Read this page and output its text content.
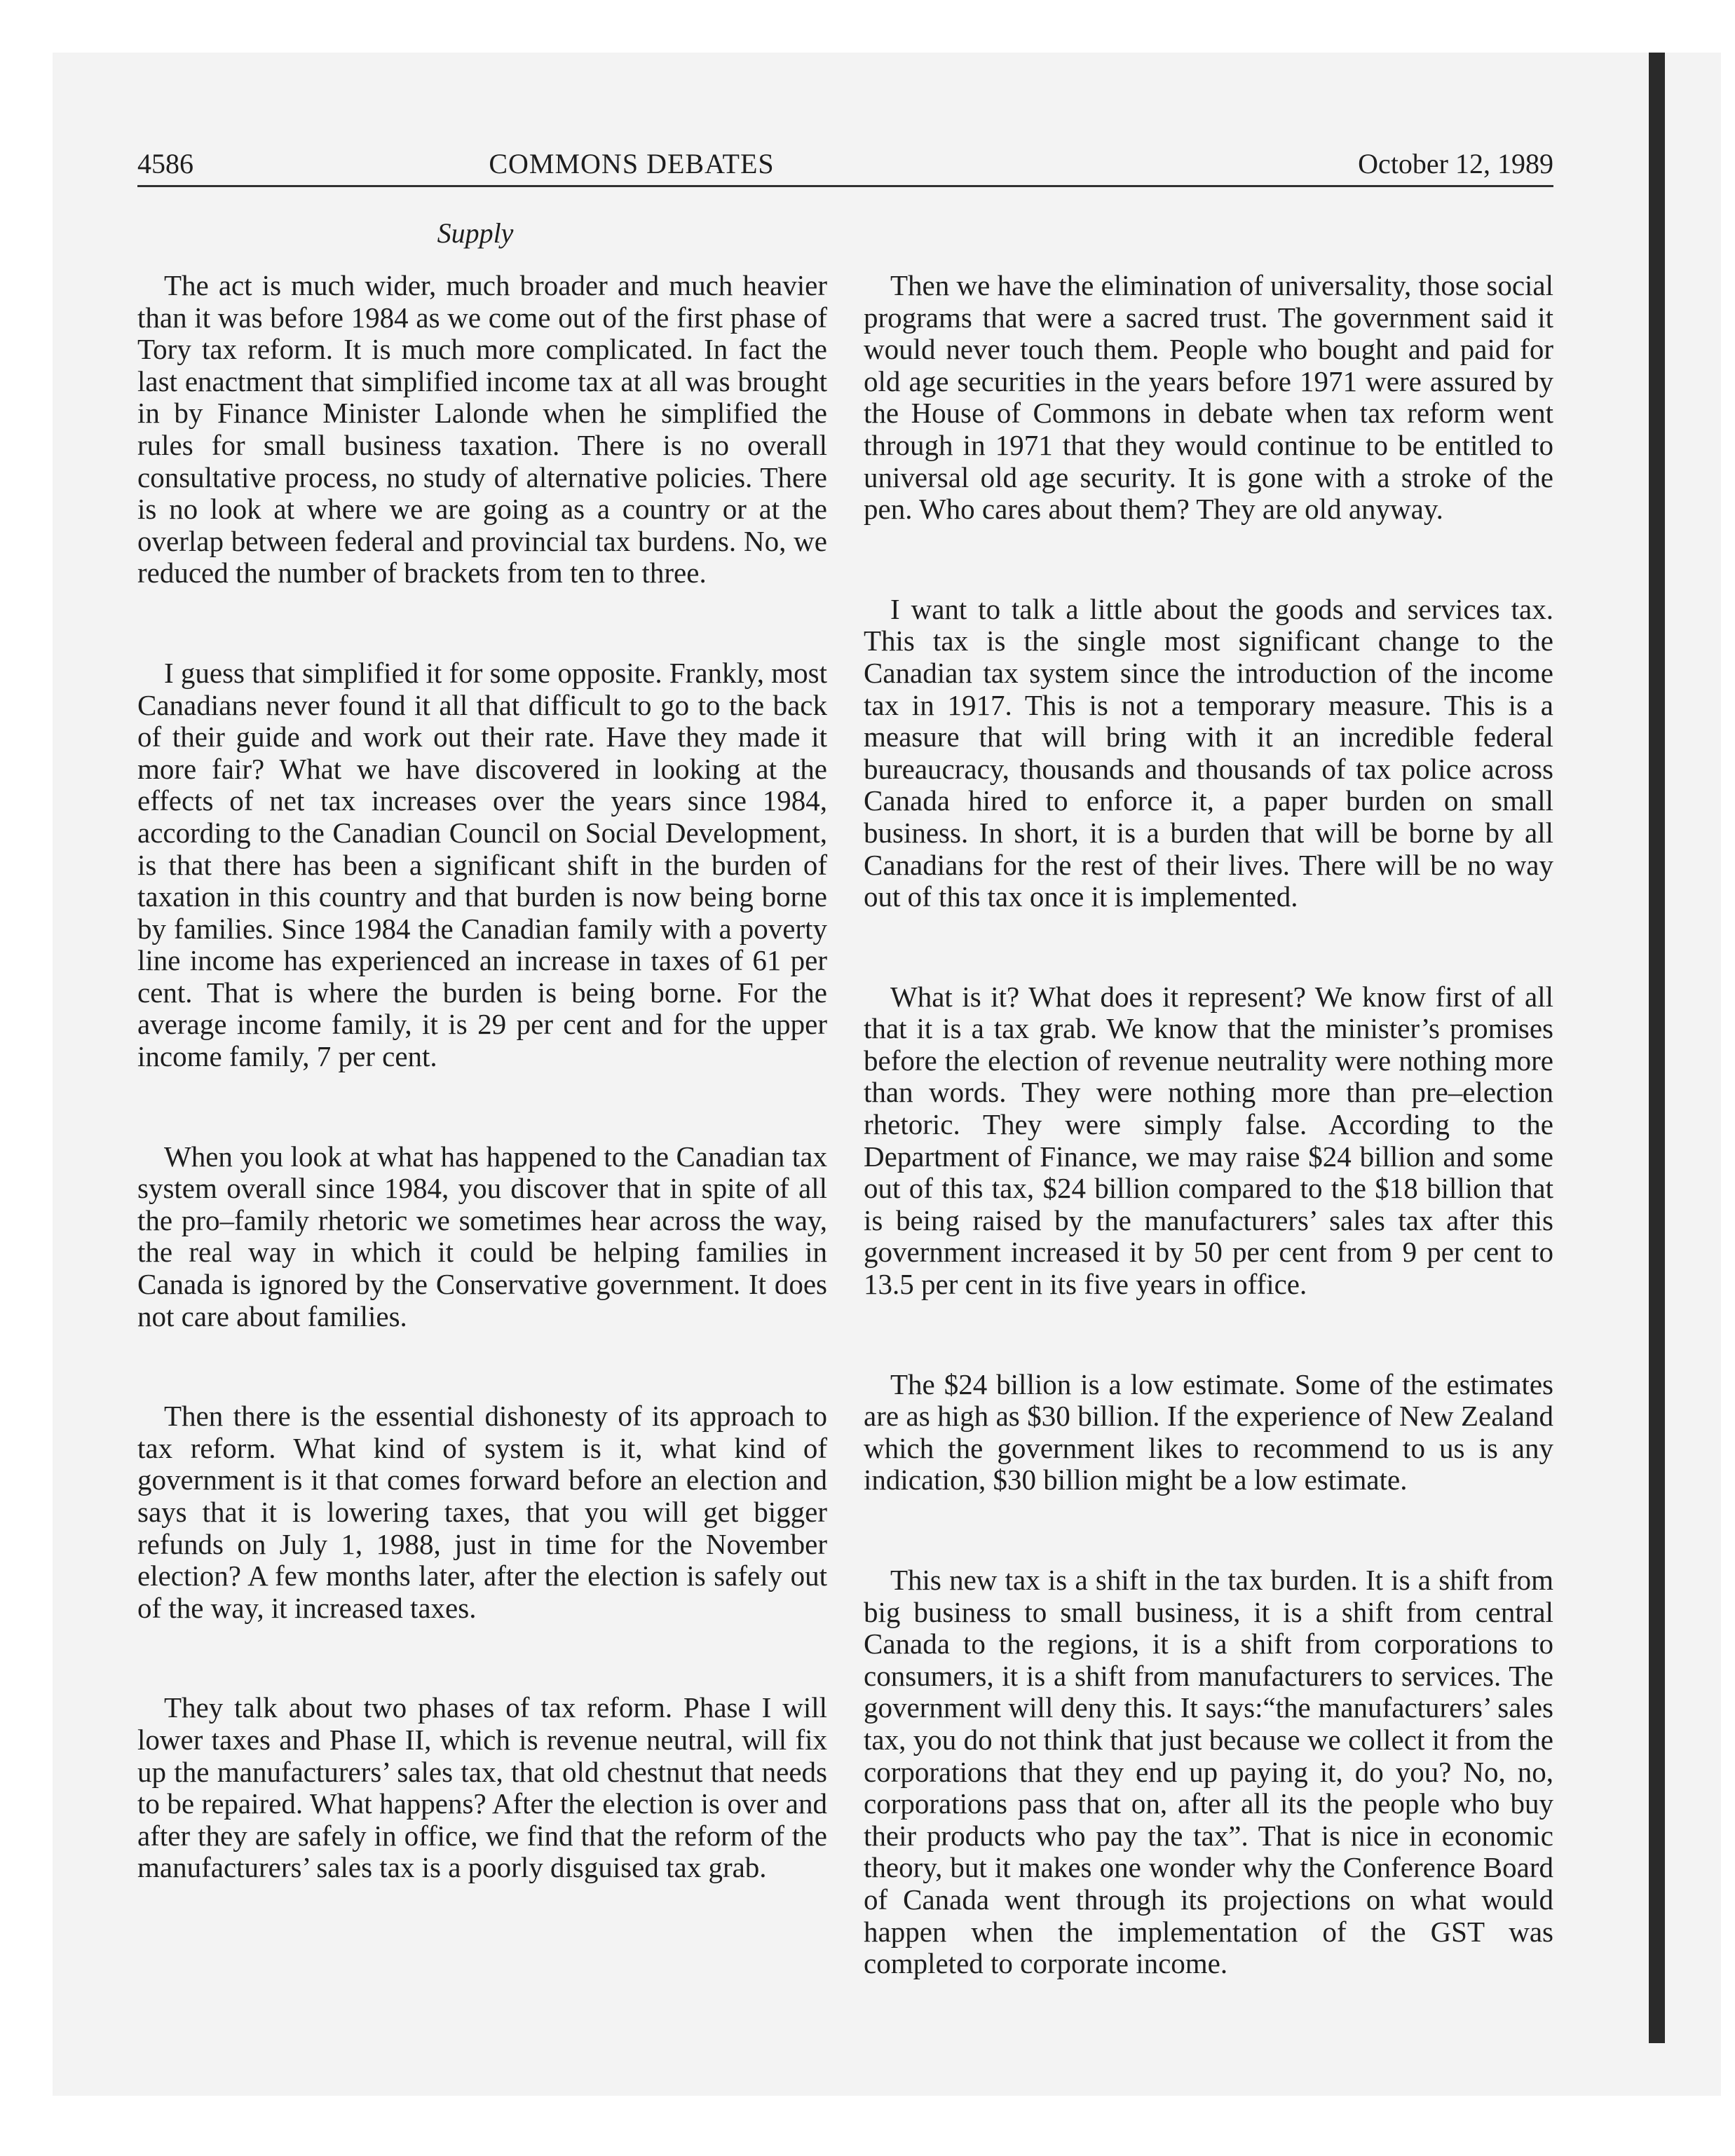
4586	COMMONS DEBATES	October 12, 1989
Supply

The act is much wider, much broader and much heavier than it was before 1984 as we come out of the first phase of Tory tax reform. It is much more complicated. In fact the last enactment that simplified income tax at all was brought in by Finance Minister Lalonde when he simplified the rules for small business taxation. There is no overall consultative process, no study of alternative policies. There is no look at where we are going as a country or at the overlap between federal and provincial tax burdens. No, we reduced the number of brackets from ten to three.

I guess that simplified it for some opposite. Frankly, most Canadians never found it all that difficult to go to the back of their guide and work out their rate. Have they made it more fair? What we have discovered in looking at the effects of net tax increases over the years since 1984, according to the Canadian Council on Social Development, is that there has been a significant shift in the burden of taxation in this country and that burden is now being borne by families. Since 1984 the Canadian family with a poverty line income has experienced an increase in taxes of 61 per cent. That is where the burden is being borne. For the average income family, it is 29 per cent and for the upper income family, 7 per cent.

When you look at what has happened to the Canadian tax system overall since 1984, you discover that in spite of all the pro–family rhetoric we sometimes hear across the way, the real way in which it could be helping families in Canada is ignored by the Conservative government. It does not care about families.

Then there is the essential dishonesty of its approach to tax reform. What kind of system is it, what kind of government is it that comes forward before an election and says that it is lowering taxes, that you will get bigger refunds on July 1, 1988, just in time for the November election? A few months later, after the election is safely out of the way, it increased taxes.

They talk about two phases of tax reform. Phase I will lower taxes and Phase II, which is revenue neutral, will fix up the manufacturers’ sales tax, that old chestnut that needs to be repaired. What happens? After the election is over and after they are safely in office, we find that the reform of the manufacturers’ sales tax is a poorly disguised tax grab.

Then we have the elimination of universality, those social programs that were a sacred trust. The government said it would never touch them. People who bought and paid for old age securities in the years before 1971 were assured by the House of Commons in debate when tax reform went through in 1971 that they would continue to be entitled to universal old age security. It is gone with a stroke of the pen. Who cares about them? They are old anyway.

I want to talk a little about the goods and services tax. This tax is the single most significant change to the Canadian tax system since the introduction of the income tax in 1917. This is not a temporary measure. This is a measure that will bring with it an incredible federal bureaucracy, thousands and thousands of tax police across Canada hired to enforce it, a paper burden on small business. In short, it is a burden that will be borne by all Canadians for the rest of their lives. There will be no way out of this tax once it is implemented.

What is it? What does it represent? We know first of all that it is a tax grab. We know that the minister’s promises before the election of revenue neutrality were nothing more than words. They were nothing more than pre–election rhetoric. They were simply false. According to the Department of Finance, we may raise $24 billion and some out of this tax, $24 billion compared to the $18 billion that is being raised by the manufacturers’ sales tax after this government increased it by 50 per cent from 9 per cent to 13.5 per cent in its five years in office.

The $24 billion is a low estimate. Some of the estimates are as high as $30 billion. If the experience of New Zealand which the government likes to recommend to us is any indication, $30 billion might be a low estimate.

This new tax is a shift in the tax burden. It is a shift from big business to small business, it is a shift from central Canada to the regions, it is a shift from corporations to consumers, it is a shift from manufacturers to services. The government will deny this. It says:“the manufacturers’ sales tax, you do not think that just because we collect it from the corporations that they end up paying it, do you? No, no, corporations pass that on, after all its the people who buy their products who pay the tax”. That is nice in economic theory, but it makes one wonder why the Conference Board of Canada went through its projections on what would happen when the implementation of the GST was completed to corporate income.
